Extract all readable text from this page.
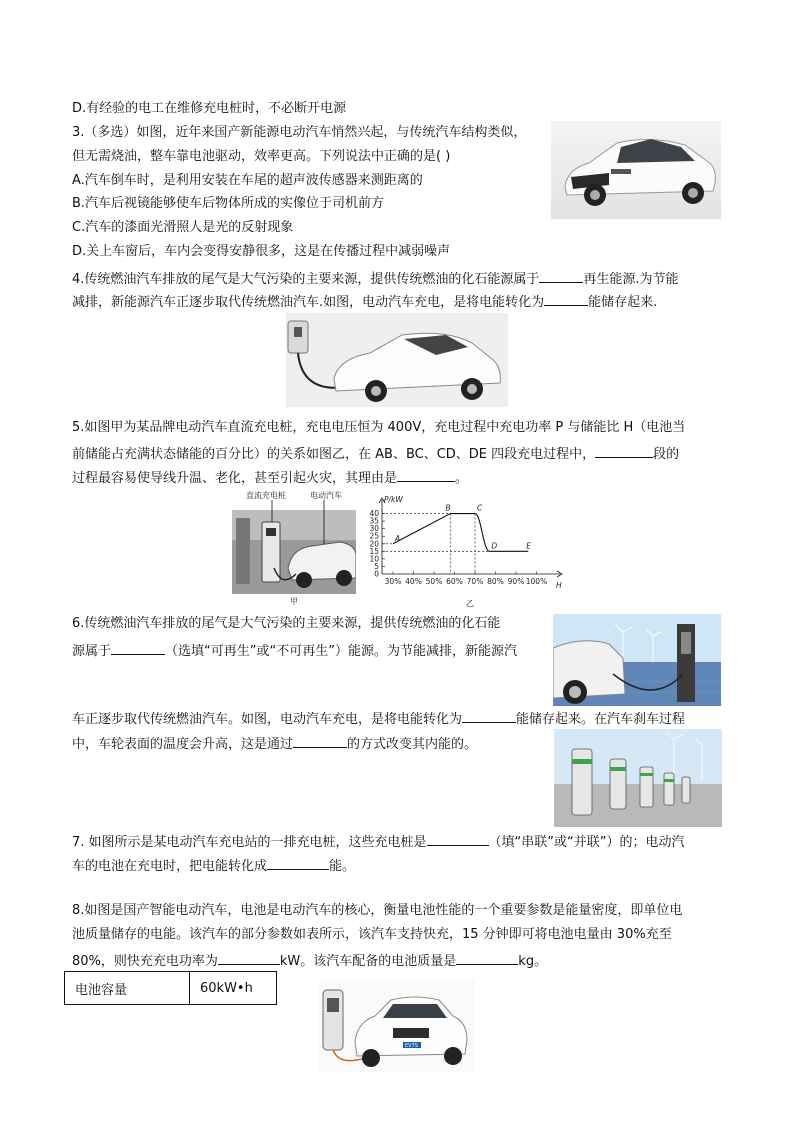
D.有经验的电工在维修充电桩时，不必断开电源
3.（多选）如图，近年来国产新能源电动汽车悄然兴起，与传统汽车结构类似，
但无需烧油，整车靠电池驱动，效率更高。下列说法中正确的是( )
A.汽车倒车时，是利用安装在车尾的超声波传感器来测距离的
B.汽车后视镜能够使车后物体所成的实像位于司机前方
C.汽车的漆面光滑照人是光的反射现象
D.关上车窗后，车内会变得安静很多，这是在传播过程中减弱噪声
4.传统燃油汽车排放的尾气是大气污染的主要来源，提供传统燃油的化石能源属于	再生能源.为节能
减排，新能源汽车正逐步取代传统燃油汽车.如图，电动汽车充电，是将电能转化为	能储存起来.
5.如图甲为某品牌电动汽车直流充电桩，充电电压恒为 400V，充电过程中充电功率 P 与储能比 H（电池当
前储能占充满状态储能的百分比）的关系如图乙，在 AB、BC、CD、DE 四段充电过程中，	段的
过程最容易使导线升温、老化，甚至引起火灾，其理由是	。
直流充电桩	电动汽车
甲
P/kW
H
乙
0
5
10
15
20
25
30
35
40
30% 40% 50% 60% 70% 80% 90% 100%
A
B	C
D	E
6.传统燃油汽车排放的尾气是大气污染的主要来源，提供传统燃油的化石能
源属于	（选填“可再生”或“不可再生”）能源。为节能减排，新能源汽
车正逐步取代传统燃油汽车。如图，电动汽车充电，是将电能转化为	能储存起来。在汽车刹车过程
中，车轮表面的温度会升高，这是通过	的方式改变其内能的。
7. 如图所示是某电动汽车充电站的一排充电桩，这些充电桩是	（填“串联”或“并联”）的；电动汽
车的电池在充电时，把电能转化成	能。
8.如图是国产智能电动汽车，电池是电动汽车的核心，衡量电池性能的一个重要参数是能量密度，即单位电
池质量储存的电能。该汽车的部分参数如表所示，该汽车支持快充，15 分钟即可将电池电量由 30%充至
80%，则快充充电功率为	kW。该汽车配备的电池质量是	kg。
电池容量	60kW•h
EV7S
